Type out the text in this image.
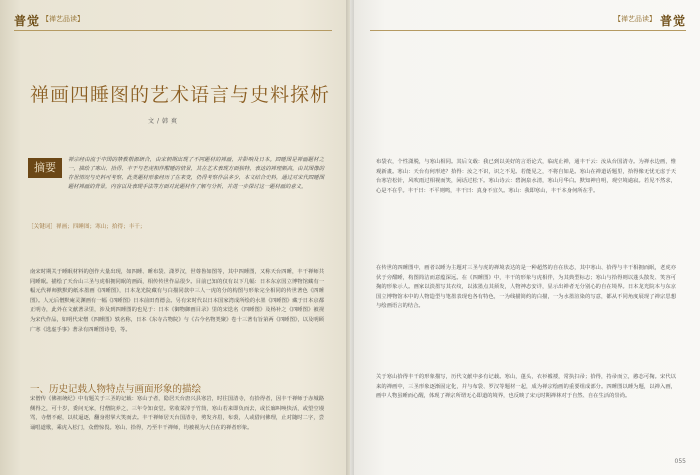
普觉 【禅艺品读】
禅画四睡图的艺术语言与史料探析
文/韩爽
摘要
禅宗经由流于中国的禁教根源研合，由宋朝期出现了不同题材的禅画，并影响及日本。四睡图是禅画题材之一，描绘了寒山、拾得、丰干与老虎相伴酣睡的情景，其在艺术表现方面独特，表达的禅理颇高。由其图像的存世情况与史料可考察，此类题材形象经历了在来变，仍得考察作品多少，本文结合史料，通过对宋代四睡图题材禅画的背景，内容以及表现手法等方面对此题材作了解与分析，并进一步探讨这一题材画的意义。
［关键词］禅画；四睡图；寒山；拾得；丰干；

南宋时期关于睡眠材料的创作大量出现，如四睡、睡布袋、潇罗汉，世尊鲁如图等，其中四睡图，又称天台四睡，丰干禅师共同睡眠。描绘了天台山三圣与虎相拥同眠的画面，相传传世作品很少。目前已知的仅有以下几幅：日本东京国立博物馆藏有一幅元代禅师默默的纸本墨画《四睡图》，日本龙光院藏有与白描同款中三人一虎的分的构图与形象完全相同的传世著色《四睡图》。人元后僧默庵灵渊画有一幅《四睡图》日本前田育德会。另有宋时代以日本国家湾成所绘的水墨《四睡图》藏于日本京都正明寺，此外在文献著录里，涉及到四睡图的也见于：日本《御物御画目录》里的宋迭名《四睡图》及杨补之《四睡图》被视为宋代作品，如明代宋僧《四睡图》轶名称，日本《东寺古物院》与《古今名物类聚》卷十三著有旨第两《四睡图》，以及明顾广寒《选虚手事》著录有四睡图诗卷，等。

一、历史记载人物特点与画面形象的描绘

宋僧传《佛祖统纪》中有题关于三圣的记载：寒山子者，隐居天台唐兴县寒岩，时往国清寺，有拾得者，因丰干禅师于赤城路侧得之，可十岁，委问无家，付僧院养之，三年令知食堂。常收菜滓于竹筒，寒山若来即负而去，或长廊叫唤快活，或望空谩骂，寺僧不耐，以杖逼逐，翻身拊掌大笑而去。丰干禅师居天台国清寺，剪发齐眉，布裘，人或借问佛理，止对随时二字，尝诵唱道歌，乘虎入松门，众僧惊畏。寒山、拾得，乃至丰干禅师，均被视为大自在的禅者形象。

【禅艺品读】 普觉

布袋衣，个性潇脱，与寒山相同。其后文载：我已到以美好的言语论式，临虎止禅，通丰干云：汝从台国清寺。为禅水边画，惟观新畫。寒山：天台有何形迹？拾得：汝之不识，识之不见。若能见之，不将自如是。寒山在禅道话题里，拾得像无忧无虑于天台寒岩松针，风吹雨过相视而笑，闲话过松下。寒山诗云：碧涧泉水清，寒山月华白。默知神自明，观空境逾寂。若见不然求，心是不在乎。丰干曰：不平则鸣，丰干曰：真身不宜久。寒山：我即寒山，丰干本身何所在乎。

在传世的四睡图中，画者以睡为主题对三圣与虎的禅境表达的是一种超然的自在状态，其中寒山、拾得与丰干相拥而眠，老虎亦伏于旁酣睡，构图简洁而意蕴深远。在《四睡图》中，丰干的形象与虎相伴，为其典型标志；寒山与拾得则以蓬头散发、笑容可掬的形象示人。画家以淡墨写其衣纹，以浓墨点其须发，人物神态安详，显示出禅者无分别心的自在境界。日本龙光院本与东京国立博物馆本中的人物造型与笔墨表现也各有特色，一为线描简约的白描，一为水墨渲染的写意，都从不同角度展现了禅宗思想与绘画语言的结合。

关于寒山拾得丰干的形象描写，历代文献中多有记载。寒山，蓬头，衣衫褴褛，常执扫帚；拾得，持帚而立，憨态可掬。宋代以来的禅画中，三圣形象逐渐固定化，并与布袋、罗汉等题材一起，成为禅宗绘画的重要组成部分。四睡图以睡为题，以禅入画，画中人物虽睡而心醒，体现了禅宗所谓无心即道的境界，也反映了宋元时期禅林对于自然、自在生活的崇尚。

055
